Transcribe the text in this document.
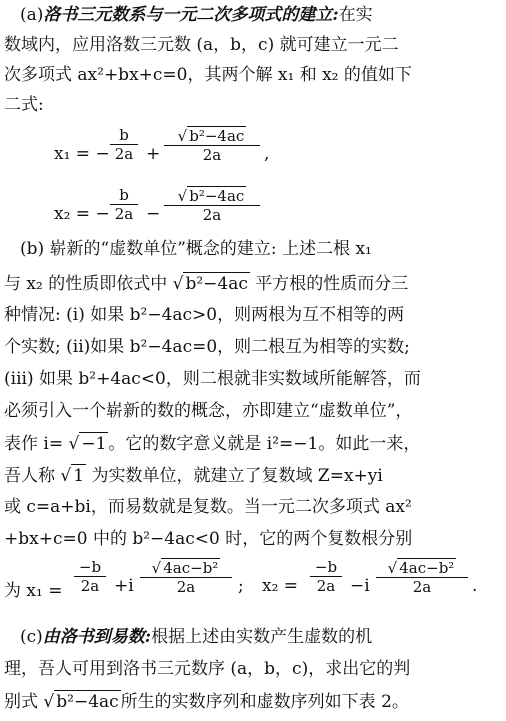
(a)洛书三元数系与一元二次多项式的建立:在实
数域内，应用洛数三元数 (a，b，c) 就可建立一元二
次多项式 ax²+bx+c=0，其两个解 x₁ 和 x₂ 的值如下
二式:
x₁ = −
b
2a +
√ b²−4ac
2a	,
x₂ = −
b
2a −
√ b²−4ac
2a
(b) 崭新的“虚数单位”概念的建立: 上述二根 x₁
与 x₂ 的性质即依式中 √ b²−4ac 平方根的性质而分三
种情况: (i) 如果 b²−4ac>0，则两根为互不相等的两
个实数; (ii)如果 b²−4ac=0，则二根互为相等的实数;
(iii) 如果 b²+4ac<0，则二根就非实数域所能解答，而
必须引入一个崭新的数的概念，亦即建立“虚数单位”，
表作 i= √ −1 。它的数字意义就是 i²=−1。如此一来，
吾人称 √ 1 为实数单位，就建立了复数域 Z=x+yi
或 c=a+bi，而易数就是复数。当一元二次多项式 ax²
+bx+c=0 中的 b²−4ac<0 时，它的两个复数根分别
为 x₁ =
−b
2a +i
√ 4ac−b²
2a	; x₂ =
−b
2a −i
√ 4ac−b²
2a	.
(c)由洛书到易数:根据上述由实数产生虚数的机
理，吾人可用到洛书三元数序 (a，b，c)，求出它的判
别式 √ b²−4ac 所生的实数序列和虚数序列如下表 2。
